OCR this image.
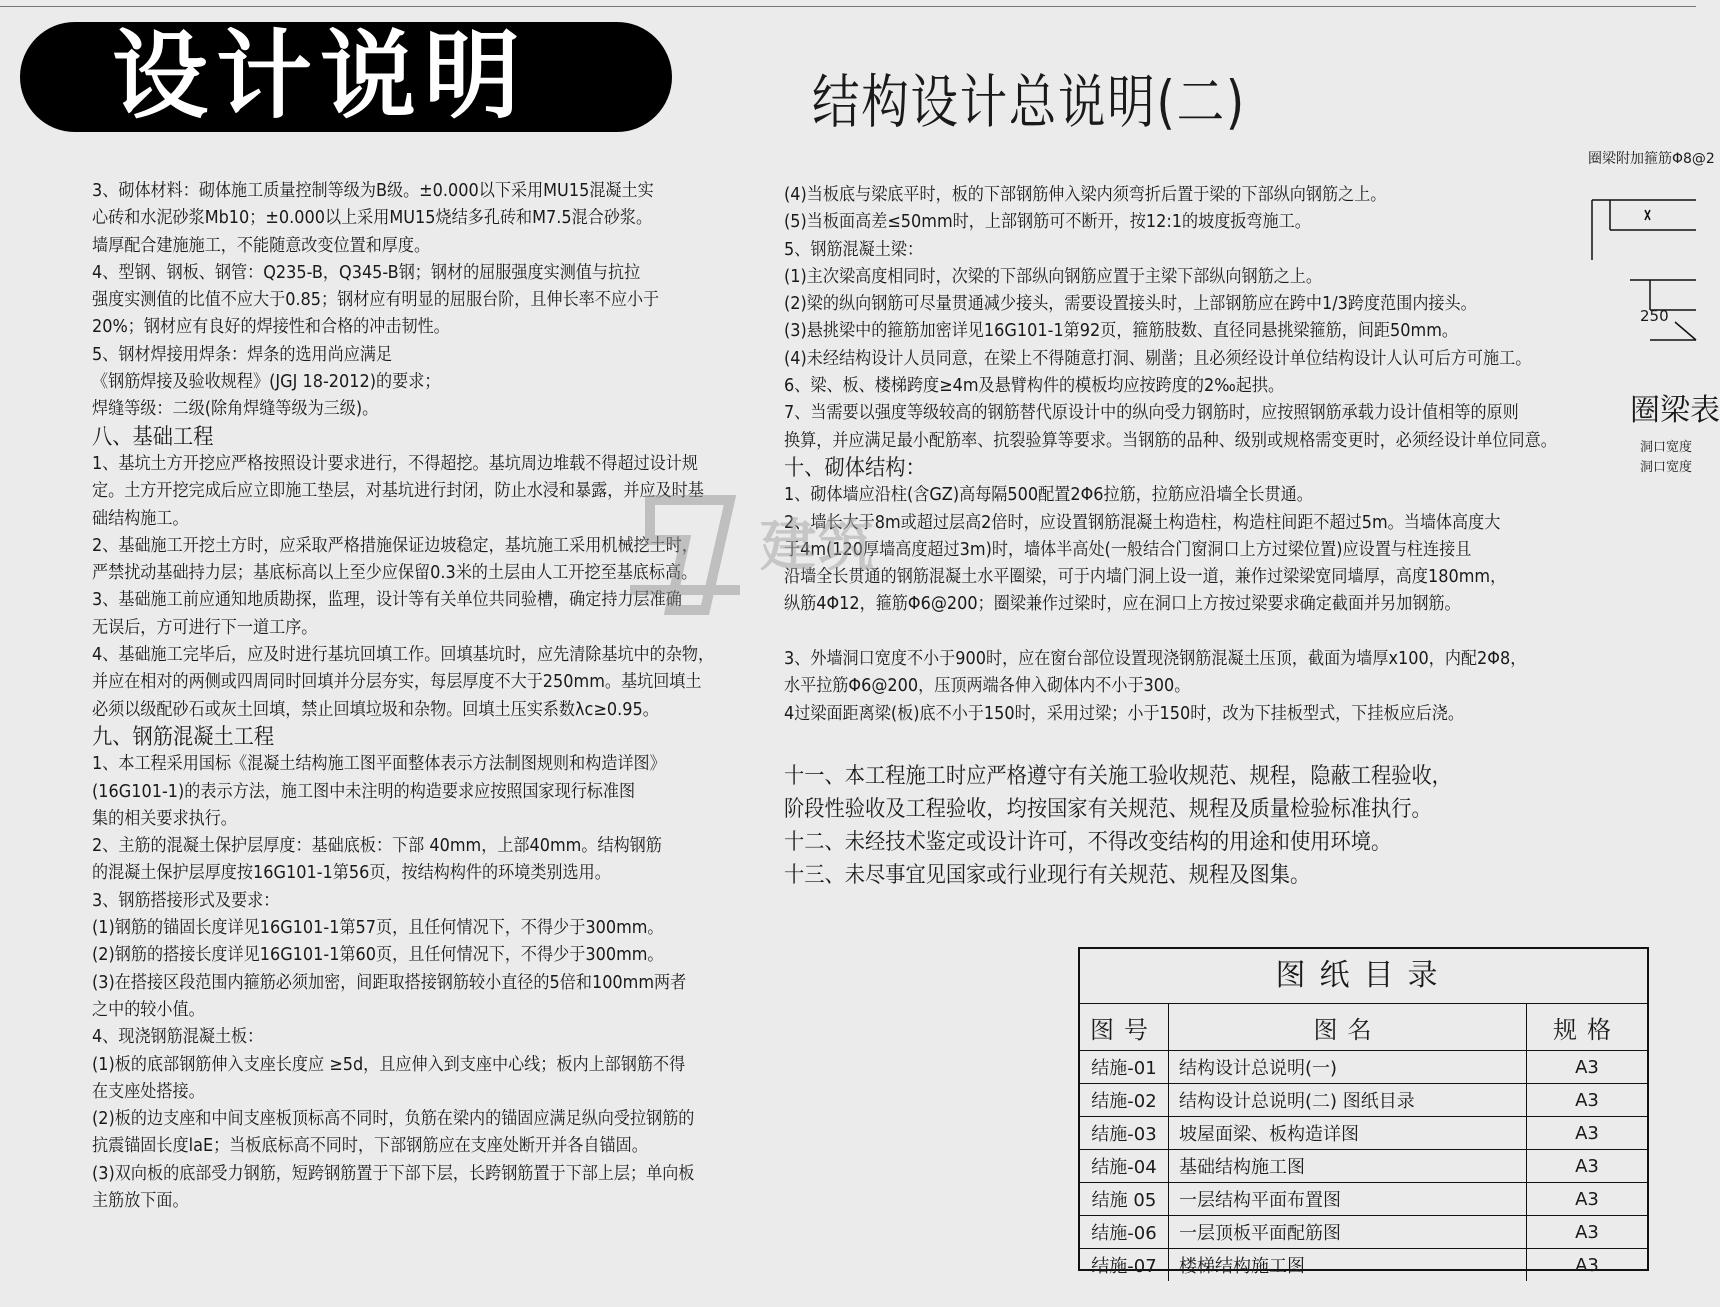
设计说明	结构设计总说明(二)
3、砌体材料：砌体施工质量控制等级为B级。±0.000以下采用MU15混凝土实
心砖和水泥砂浆Mb10；±0.000以上采用MU15烧结多孔砖和M7.5混合砂浆。
墙厚配合建施施工，不能随意改变位置和厚度。
4、型钢、钢板、钢管：Q235-B，Q345-B钢；钢材的屈服强度实测值与抗拉
强度实测值的比值不应大于0.85；钢材应有明显的屈服台阶，且伸长率不应小于
20%；钢材应有良好的焊接性和合格的冲击韧性。
5、钢材焊接用焊条：焊条的选用尚应满足
《钢筋焊接及验收规程》(JGJ 18-2012)的要求；
焊缝等级：二级(除角焊缝等级为三级)。
八、基础工程
1、基坑土方开挖应严格按照设计要求进行，不得超挖。基坑周边堆载不得超过设计规
定。土方开挖完成后应立即施工垫层，对基坑进行封闭，防止水浸和暴露，并应及时基
础结构施工。
2、基础施工开挖土方时，应采取严格措施保证边坡稳定，基坑施工采用机械挖土时，
严禁扰动基础持力层；基底标高以上至少应保留0.3米的土层由人工开挖至基底标高。
3、基础施工前应通知地质勘探，监理，设计等有关单位共同验槽，确定持力层准确
无误后，方可进行下一道工序。
4、基础施工完毕后，应及时进行基坑回填工作。回填基坑时，应先清除基坑中的杂物，
并应在相对的两侧或四周同时回填并分层夯实，每层厚度不大于250mm。基坑回填土
必须以级配砂石或灰土回填，禁止回填垃圾和杂物。回填土压实系数λc≥0.95。
九、钢筋混凝土工程
1、本工程采用国标《混凝土结构施工图平面整体表示方法制图规则和构造详图》
(16G101-1)的表示方法，施工图中未注明的构造要求应按照国家现行标准图
集的相关要求执行。
2、主筋的混凝土保护层厚度：基础底板：下部 40mm，上部40mm。结构钢筋
的混凝土保护层厚度按16G101-1第56页，按结构构件的环境类别选用。
3、钢筋搭接形式及要求：
(1)钢筋的锚固长度详见16G101-1第57页，且任何情况下，不得少于300mm。
(2)钢筋的搭接长度详见16G101-1第60页，且任何情况下，不得少于300mm。
(3)在搭接区段范围内箍筋必须加密，间距取搭接钢筋较小直径的5倍和100mm两者
之中的较小值。
4、现浇钢筋混凝土板：
(1)板的底部钢筋伸入支座长度应 ≥5d，且应伸入到支座中心线；板内上部钢筋不得
在支座处搭接。
(2)板的边支座和中间支座板顶标高不同时，负筋在梁内的锚固应满足纵向受拉钢筋的
抗震锚固长度laE；当板底标高不同时，下部钢筋应在支座处断开并各自锚固。
(3)双向板的底部受力钢筋，短跨钢筋置于下部下层，长跨钢筋置于下部上层；单向板
主筋放下面。
(4)当板底与梁底平时，板的下部钢筋伸入梁内须弯折后置于梁的下部纵向钢筋之上。
(5)当板面高差≤50mm时，上部钢筋可不断开，按12:1的坡度扳弯施工。
5、钢筋混凝土梁：
(1)主次梁高度相同时，次梁的下部纵向钢筋应置于主梁下部纵向钢筋之上。
(2)梁的纵向钢筋可尽量贯通减少接头，需要设置接头时，上部钢筋应在跨中1/3跨度范围内接头。
(3)悬挑梁中的箍筋加密详见16G101-1第92页，箍筋肢数、直径同悬挑梁箍筋，间距50mm。
(4)未经结构设计人员同意，在梁上不得随意打洞、剔凿；且必须经设计单位结构设计人认可后方可施工。
6、梁、板、楼梯跨度≥4m及悬臂构件的模板均应按跨度的2‰起拱。
7、当需要以强度等级较高的钢筋替代原设计中的纵向受力钢筋时，应按照钢筋承载力设计值相等的原则
换算，并应满足最小配筋率、抗裂验算等要求。当钢筋的品种、级别或规格需变更时，必须经设计单位同意。
十、砌体结构：
1、砌体墙应沿柱(含GZ)高每隔500配置2Φ6拉筋，拉筋应沿墙全长贯通。
2、墙长大于8m或超过层高2倍时，应设置钢筋混凝土构造柱，构造柱间距不超过5m。当墙体高度大
于4m(120厚墙高度超过3m)时，墙体半高处(一般结合门窗洞口上方过梁位置)应设置与柱连接且
沿墙全长贯通的钢筋混凝土水平圈梁，可于内墙门洞上设一道，兼作过梁梁宽同墙厚，高度180mm，
纵筋4Φ12，箍筋Φ6@200；圈梁兼作过梁时，应在洞口上方按过梁要求确定截面并另加钢筋。
3、外墙洞口宽度不小于900时，应在窗台部位设置现浇钢筋混凝土压顶，截面为墙厚x100，内配2Φ8，
水平拉筋Φ6@200，压顶两端各伸入砌体内不小于300。
4过梁面距离梁(板)底不小于150时，采用过梁；小于150时，改为下挂板型式，下挂板应后浇。
十一、本工程施工时应严格遵守有关施工验收规范、规程，隐蔽工程验收，
阶段性验收及工程验收，均按国家有关规范、规程及质量检验标准执行。
十二、未经技术鉴定或设计许可，不得改变结构的用途和使用环境。
十三、未尽事宜见国家或行业现行有关规范、规程及图集。
建筑
图纸目录
图号	图名	规格
结施-01	结构设计总说明(一)	A3
结施-02	结构设计总说明(二) 图纸目录	A3
结施-03	坡屋面梁、板构造详图	A3
结施-04	基础结构施工图	A3
结施 05	一层结构平面布置图	A3
结施-06	一层顶板平面配筋图	A3
结施-07	楼梯结构施工图	A3
圈梁附加箍筋Φ8@2
250
圈梁表
洞口宽度
洞口宽度
